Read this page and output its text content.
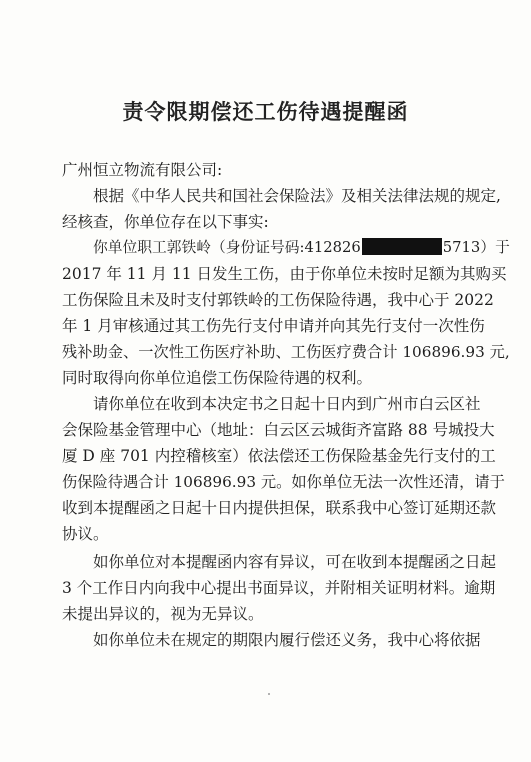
责令限期偿还工伤待遇提醒函
广州恒立物流有限公司:
根据《中华人民共和国社会保险法》及相关法律法规的规定,
经核查，你单位存在以下事实:
你单位职工郭铁岭（身份证号码:412826	5713）于
2017 年 11 月 11 日发生工伤，由于你单位未按时足额为其购买
工伤保险且未及时支付郭铁岭的工伤保险待遇，我中心于 2022
年 1 月审核通过其工伤先行支付申请并向其先行支付一次性伤
残补助金、一次性工伤医疗补助、工伤医疗费合计 106896.93 元,
同时取得向你单位追偿工伤保险待遇的权利。
请你单位在收到本决定书之日起十日内到广州市白云区社
会保险基金管理中心（地址：白云区云城街齐富路 88 号城投大
厦 D 座 701 内控稽核室）依法偿还工伤保险基金先行支付的工
伤保险待遇合计 106896.93 元。如你单位无法一次性还清，请于
收到本提醒函之日起十日内提供担保，联系我中心签订延期还款
协议。
如你单位对本提醒函内容有异议，可在收到本提醒函之日起
3 个工作日内向我中心提出书面异议，并附相关证明材料。逾期
未提出异议的，视为无异议。
如你单位未在规定的期限内履行偿还义务，我中心将依据
